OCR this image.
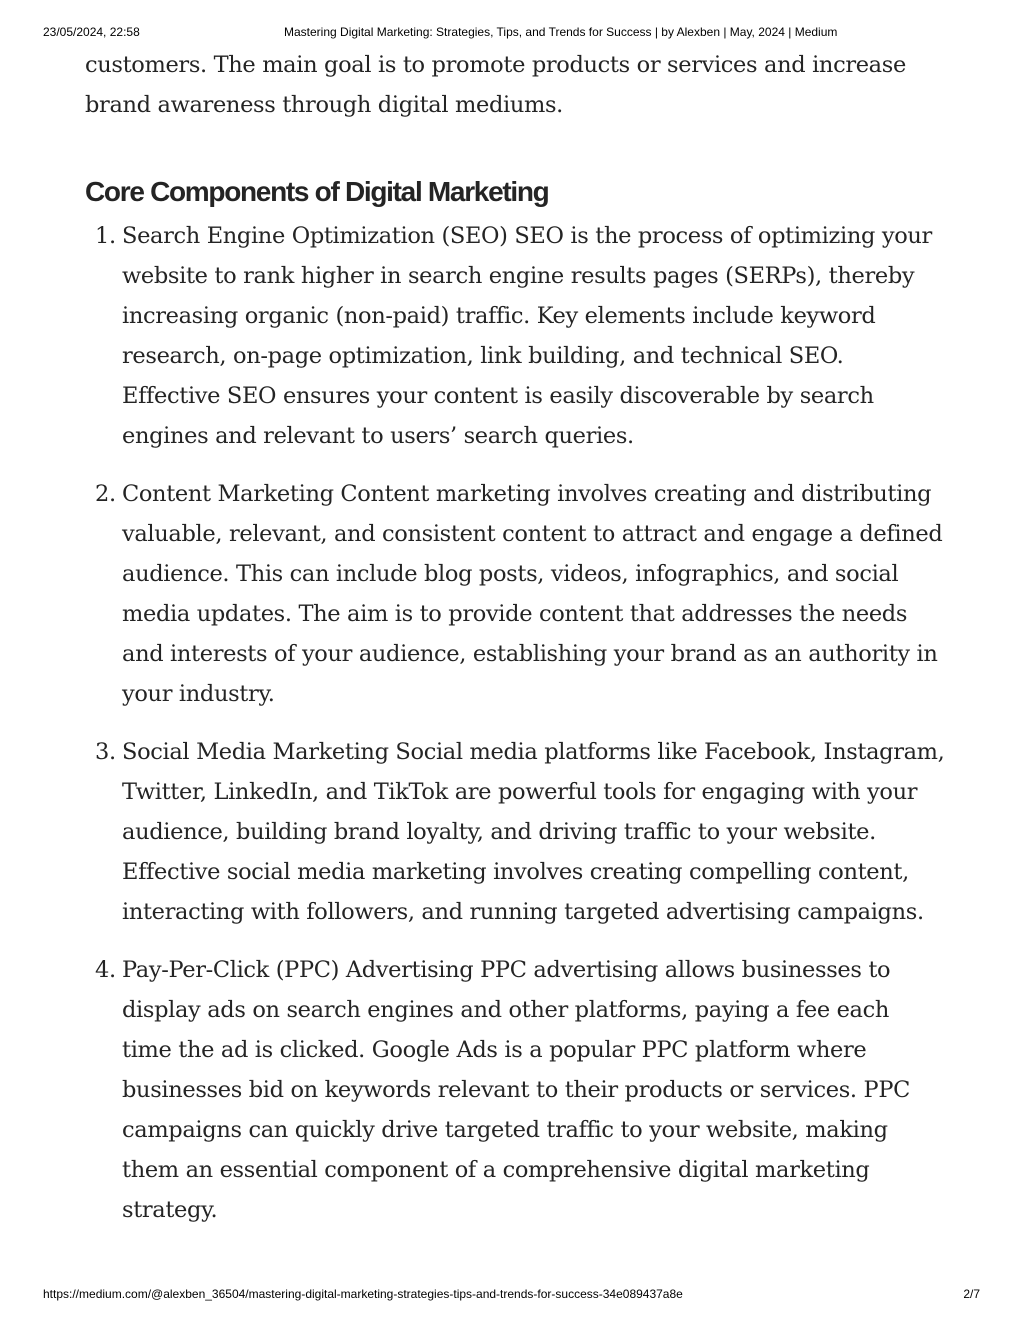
23/05/2024, 22:58	Mastering Digital Marketing: Strategies, Tips, and Trends for Success | by Alexben | May, 2024 | Medium

customers. The main goal is to promote products or services and increase brand awareness through digital mediums.

Core Components of Digital Marketing
1. Search Engine Optimization (SEO) SEO is the process of optimizing your website to rank higher in search engine results pages (SERPs), thereby increasing organic (non-paid) traffic. Key elements include keyword research, on-page optimization, link building, and technical SEO. Effective SEO ensures your content is easily discoverable by search engines and relevant to users’ search queries.
2. Content Marketing Content marketing involves creating and distributing valuable, relevant, and consistent content to attract and engage a defined audience. This can include blog posts, videos, infographics, and social media updates. The aim is to provide content that addresses the needs and interests of your audience, establishing your brand as an authority in your industry.
3. Social Media Marketing Social media platforms like Facebook, Instagram, Twitter, LinkedIn, and TikTok are powerful tools for engaging with your audience, building brand loyalty, and driving traffic to your website. Effective social media marketing involves creating compelling content, interacting with followers, and running targeted advertising campaigns.
4. Pay-Per-Click (PPC) Advertising PPC advertising allows businesses to display ads on search engines and other platforms, paying a fee each time the ad is clicked. Google Ads is a popular PPC platform where businesses bid on keywords relevant to their products or services. PPC campaigns can quickly drive targeted traffic to your website, making them an essential component of a comprehensive digital marketing strategy.
https://medium.com/@alexben_36504/mastering-digital-marketing-strategies-tips-and-trends-for-success-34e089437a8e	2/7
